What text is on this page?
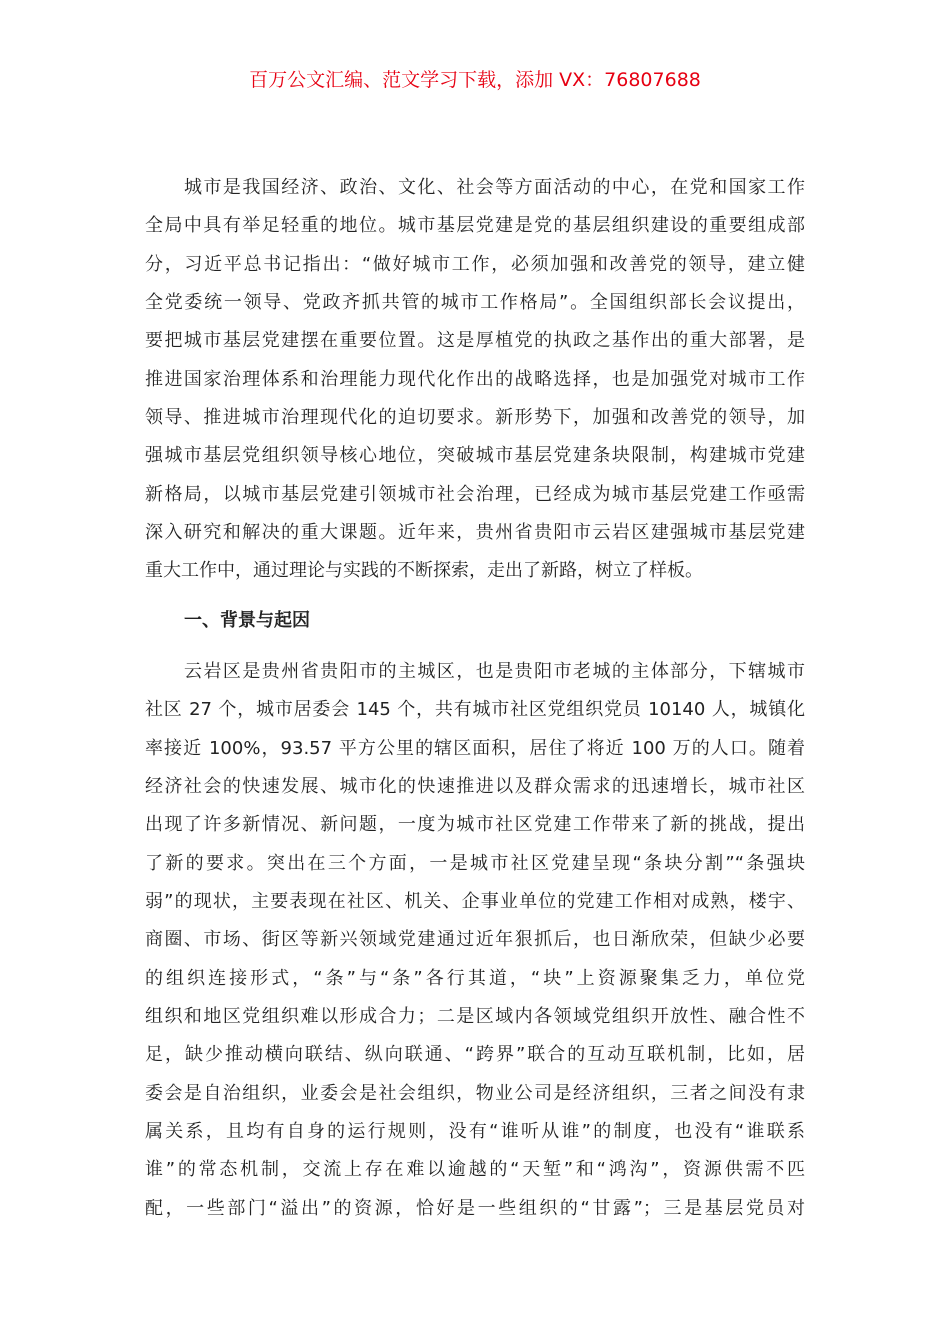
百万公文汇编、范文学习下载，添加 VX：76807688
城市是我国经济、政治、文化、社会等方面活动的中心，在党和国家工作
全局中具有举足轻重的地位。城市基层党建是党的基层组织建设的重要组成部
分，习近平总书记指出：“做好城市工作，必须加强和改善党的领导，建立健
全党委统一领导、党政齐抓共管的城市工作格局”。全国组织部长会议提出，
要把城市基层党建摆在重要位置。这是厚植党的执政之基作出的重大部署，是
推进国家治理体系和治理能力现代化作出的战略选择，也是加强党对城市工作
领导、推进城市治理现代化的迫切要求。新形势下，加强和改善党的领导，加
强城市基层党组织领导核心地位，突破城市基层党建条块限制，构建城市党建
新格局，以城市基层党建引领城市社会治理，已经成为城市基层党建工作亟需
深入研究和解决的重大课题。近年来，贵州省贵阳市云岩区建强城市基层党建
重大工作中，通过理论与实践的不断探索，走出了新路，树立了样板。
一、背景与起因
云岩区是贵州省贵阳市的主城区，也是贵阳市老城的主体部分，下辖城市
社区 27 个，城市居委会 145 个，共有城市社区党组织党员 10140 人，城镇化
率接近 100%，93.57 平方公里的辖区面积，居住了将近 100 万的人口。随着
经济社会的快速发展、城市化的快速推进以及群众需求的迅速增长，城市社区
出现了许多新情况、新问题，一度为城市社区党建工作带来了新的挑战，提出
了新的要求。突出在三个方面，一是城市社区党建呈现“条块分割”“条强块
弱”的现状，主要表现在社区、机关、企事业单位的党建工作相对成熟，楼宇、
商圈、市场、街区等新兴领域党建通过近年狠抓后，也日渐欣荣，但缺少必要
的组织连接形式，“条”与“条”各行其道，“块”上资源聚集乏力，单位党
组织和地区党组织难以形成合力；二是区域内各领域党组织开放性、融合性不
足，缺少推动横向联结、纵向联通、“跨界”联合的互动互联机制，比如，居
委会是自治组织，业委会是社会组织，物业公司是经济组织，三者之间没有隶
属关系，且均有自身的运行规则，没有“谁听从谁”的制度，也没有“谁联系
谁”的常态机制，交流上存在难以逾越的“天堑”和“鸿沟”，资源供需不匹
配，一些部门“溢出”的资源，恰好是一些组织的“甘露”；三是基层党员对
